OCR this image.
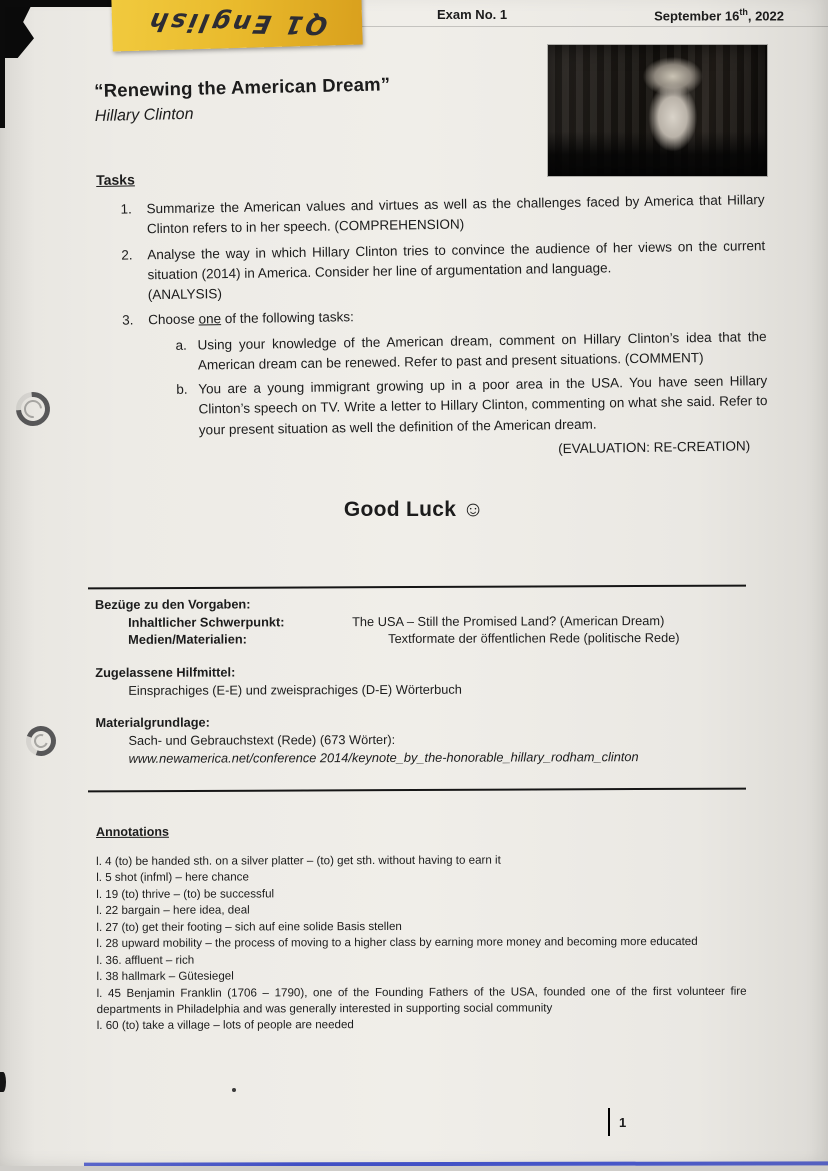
Q1 English	Exam No. 1	September 16th, 2022
“Renewing the American Dream”
Hillary Clinton
Tasks
1.	Summarize the American values and virtues as well as the challenges faced by America that Hillary Clinton refers to in her speech. (COMPREHENSION)
2.	Analyse the way in which Hillary Clinton tries to convince the audience of her views on the current situation (2014) in America. Consider her line of argumentation and language.
(ANALYSIS)
3.	Choose one of the following tasks:
a. Using your knowledge of the American dream, comment on Hillary Clinton’s idea that the American dream can be renewed. Refer to past and present situations. (COMMENT)
b. You are a young immigrant growing up in a poor area in the USA. You have seen Hillary Clinton’s speech on TV. Write a letter to Hillary Clinton, commenting on what she said. Refer to your present situation as well the definition of the American dream.
(EVALUATION: RE-CREATION)
Good Luck ☺
Bezüge zu den Vorgaben:
Inhaltlicher Schwerpunkt:	The USA – Still the Promised Land? (American Dream)
Medien/Materialien:	Textformate der öffentlichen Rede (politische Rede)
Zugelassene Hilfmittel:
Einsprachiges (E-E) und zweisprachiges (D-E) Wörterbuch
Materialgrundlage:
Sach- und Gebrauchstext (Rede) (673 Wörter):
www.newamerica.net/conference 2014/keynote_by_the-honorable_hillary_rodham_clinton
Annotations
l. 4 (to) be handed sth. on a silver platter – (to) get sth. without having to earn it
l. 5 shot (infml) – here chance
l. 19 (to) thrive – (to) be successful
l. 22 bargain – here idea, deal
l. 27 (to) get their footing – sich auf eine solide Basis stellen
l. 28 upward mobility – the process of moving to a higher class by earning more money and becoming more educated
l. 36. affluent – rich
l. 38 hallmark – Gütesiegel
l. 45 Benjamin Franklin (1706 – 1790), one of the Founding Fathers of the USA, founded one of the first volunteer fire departments in Philadelphia and was generally interested in supporting social community
l. 60 (to) take a village – lots of people are needed
1
